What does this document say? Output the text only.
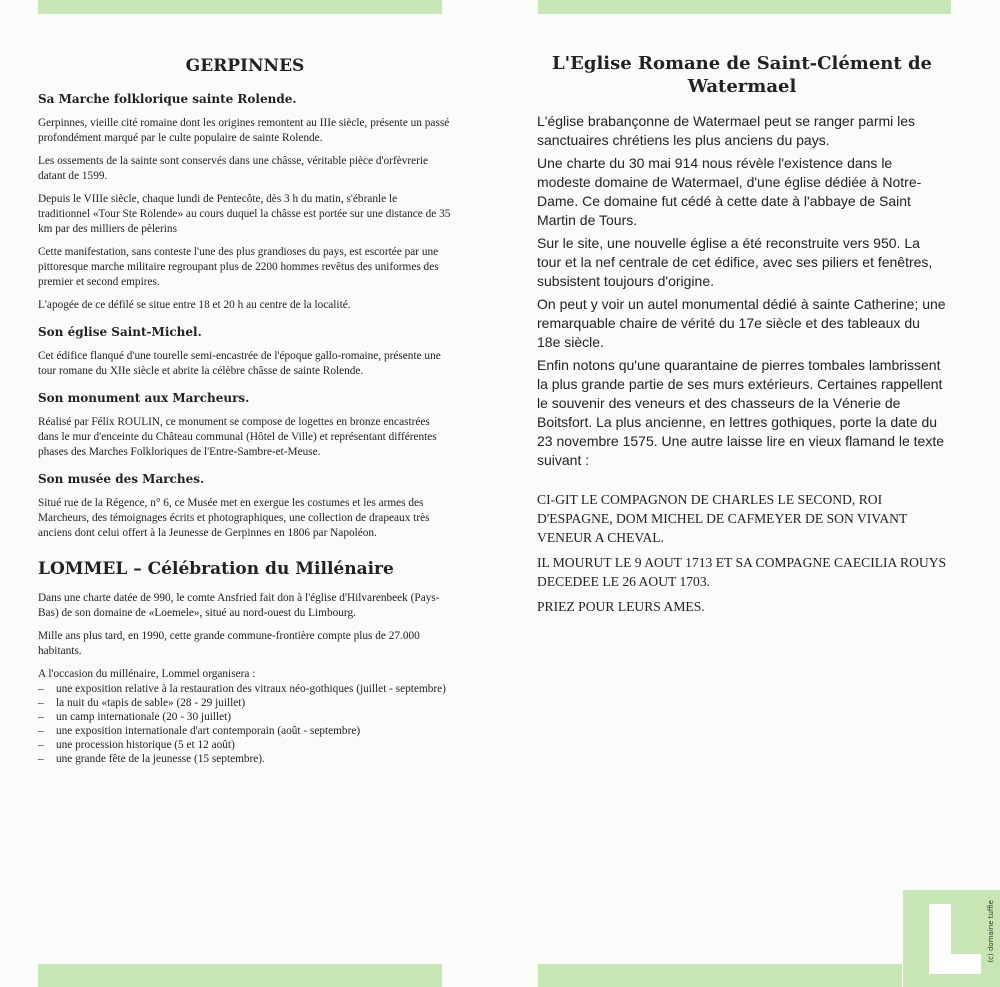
GERPINNES
Sa Marche folklorique sainte Rolende.

Gerpinnes, vieille cité romaine dont les origines remontent au IIIe siècle, présente un passé profondément marqué par le culte populaire de sainte Rolende.

Les ossements de la sainte sont conservés dans une châsse, véritable pièce d'orfèvrerie datant de 1599.

Depuis le VIIIe siècle, chaque lundi de Pentecôte, dès 3 h du matin, s'ébranle le traditionnel «Tour Ste Rolende» au cours duquel la châsse est portée sur une distance de 35 km par des milliers de pèlerins

Cette manifestation, sans conteste l'une des plus grandioses du pays, est escortée par une pittoresque marche militaire regroupant plus de 2200 hommes revêtus des uniformes des premier et second empires.

L'apogée de ce défilé se situe entre 18 et 20 h au centre de la localité.

Son église Saint-Michel.

Cet édifice flanqué d'une tourelle semi-encastrée de l'époque gallo-romaine, présente une tour romane du XIIe siècle et abrite la célèbre châsse de sainte Rolende.

Son monument aux Marcheurs.

Réalisé par Félix ROULIN, ce monument se compose de logettes en bronze encastrées dans le mur d'enceinte du Château communal (Hôtel de Ville) et représentant différentes phases des Marches Folkloriques de l'Entre-Sambre-et-Meuse.

Son musée des Marches.

Situé rue de la Régence, n° 6, ce Musée met en exergue les costumes et les armes des Marcheurs, des témoignages écrits et photographiques, une collection de drapeaux très anciens dont celui offert à la Jeunesse de Gerpinnes en 1806 par Napoléon.

LOMMEL – Célébration du Millénaire

Dans une charte datée de 990, le comte Ansfried fait don à l'église d'Hilvarenbeek (Pays-Bas) de son domaine de «Loemele», situé au nord-ouest du Limbourg.

Mille ans plus tard, en 1990, cette grande commune-frontière compte plus de 27.000 habitants.

A l'occasion du millénaire, Lommel organisera :

– une exposition relative à la restauration des vitraux néo-gothiques (juillet - septembre)
– la nuit du «tapis de sable» (28 - 29 juillet)
– un camp internationale (20 - 30 juillet)
– une exposition internationale d'art contemporain (août - septembre)
– une procession historique (5 et 12 août)
– une grande fête de la jeunesse (15 septembre).
L'Eglise Romane de Saint-Clément de Watermael

L'église brabançonne de Watermael peut se ranger parmi les sanctuaires chrétiens les plus anciens du pays.

Une charte du 30 mai 914 nous révèle l'existence dans le modeste domaine de Watermael, d'une église dédiée à Notre-Dame. Ce domaine fut cédé à cette date à l'abbaye de Saint Martin de Tours.

Sur le site, une nouvelle église a été reconstruite vers 950. La tour et la nef centrale de cet édifice, avec ses piliers et fenêtres, subsistent toujours d'origine.

On peut y voir un autel monumental dédié à sainte Catherine; une remarquable chaire de vérité du 17e siècle et des tableaux du 18e siècle.

Enfin notons qu'une quarantaine de pierres tombales lambrissent la plus grande partie de ses murs extérieurs. Certaines rappellent le souvenir des veneurs et des chasseurs de la Vénerie de Boitsfort. La plus ancienne, en lettres gothiques, porte la date du 23 novembre 1575. Une autre laisse lire en vieux flamand le texte suivant :

CI-GIT LE COMPAGNON DE CHARLES LE SECOND, ROI D'ESPAGNE, DOM MICHEL DE CAFMEYER DE SON VIVANT VENEUR A CHEVAL.

IL MOURUT LE 9 AOUT 1713 ET SA COMPAGNE CAECILIA ROUYS DECEDEE LE 26 AOUT 1703.

PRIEZ POUR LEURS AMES.

(c) domaine tuffie
